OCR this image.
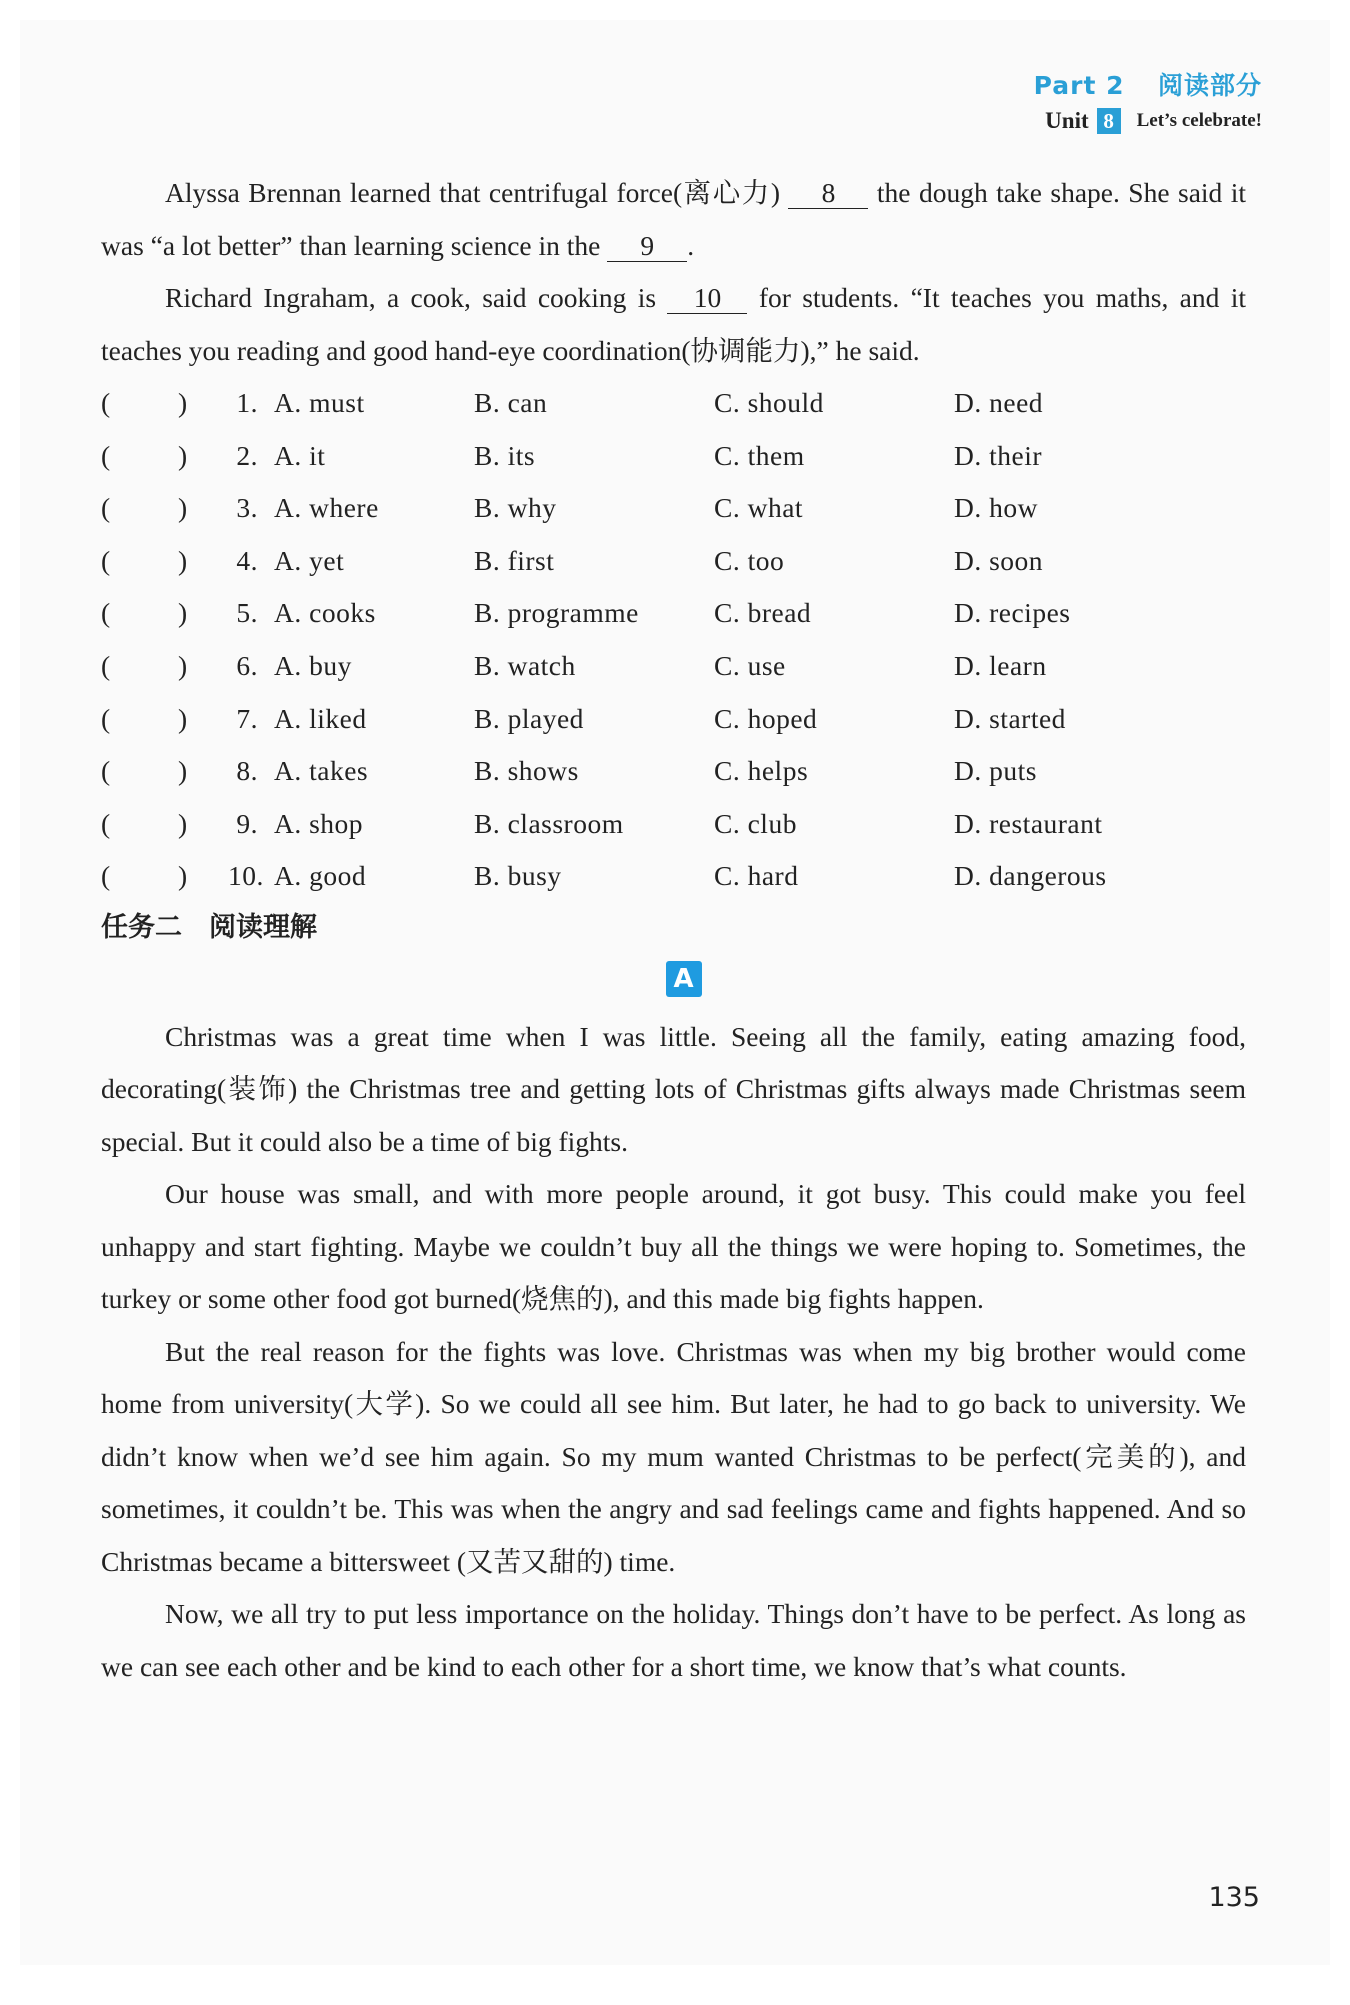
Part 2 阅读部分
Unit 8	Let’s celebrate!

Alyssa Brennan learned that centrifugal force(离心力) 8 the dough take shape. She said it was “a lot better” than learning science in the 9 .

Richard Ingraham, a cook, said cooking is 10 for students. “It teaches you maths, and it teaches you reading and good hand-eye coordination(协调能力),” he said.

(	)	1. A. must	B. can	C. should	D. need
(	)	2. A. it	B. its	C. them	D. their
(	)	3. A. where	B. why	C. what	D. how
(	)	4. A. yet	B. first	C. too	D. soon
(	)	5. A. cooks	B. programme	C. bread	D. recipes
(	)	6. A. buy	B. watch	C. use	D. learn
(	)	7. A. liked	B. played	C. hoped	D. started
(	)	8. A. takes	B. shows	C. helps	D. puts
(	)	9. A. shop	B. classroom	C. club	D. restaurant
(	) 10. A. good	B. busy	C. hard	D. dangerous
任务二　阅读理解
A

Christmas was a great time when I was little. Seeing all the family, eating amazing food, decorating(装饰) the Christmas tree and getting lots of Christmas gifts always made Christmas seem special. But it could also be a time of big fights.

Our house was small, and with more people around, it got busy. This could make you feel unhappy and start fighting. Maybe we couldn’t buy all the things we were hoping to. Sometimes, the turkey or some other food got burned(烧焦的), and this made big fights happen.

But the real reason for the fights was love. Christmas was when my big brother would come home from university(大学). So we could all see him. But later, he had to go back to university. We didn’t know when we’d see him again. So my mum wanted Christmas to be perfect(完美的), and sometimes, it couldn’t be. This was when the angry and sad feelings came and fights happened. And so Christmas became a bittersweet (又苦又甜的) time.

Now, we all try to put less importance on the holiday. Things don’t have to be perfect. As long as we can see each other and be kind to each other for a short time, we know that’s what counts.

135
